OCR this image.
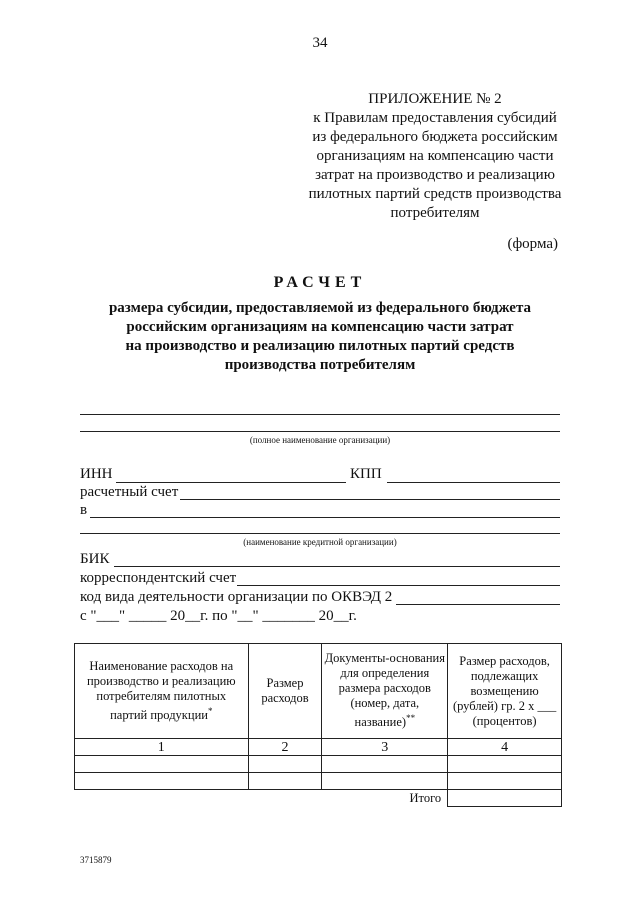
34
ПРИЛОЖЕНИЕ № 2
к Правилам предоставления субсидий
из федерального бюджета российским
организациям на компенсацию части
затрат на производство и реализацию
пилотных партий средств производства
потребителям
(форма)
РАСЧЕТ
размера субсидии, предоставляемой из федерального бюджета
российским организациям на компенсацию части затрат
на производство и реализацию пилотных партий средств
производства потребителям
(полное наименование организации)
ИНН	КПП
расчетный счет
в
(наименование кредитной организации)
БИК
корреспондентский счет
код вида деятельности организации по ОКВЭД 2
с "___" _____ 20__г. по "__" _______ 20__г.
Наименование расходов на производство и реализацию потребителям пилотных партий продукции*	Размер расходов	Документы-основания для определения размера расходов (номер, дата, название)**	Размер расходов, подлежащих возмещению (рублей) гр. 2 х ___ (процентов)
1	2	3	4

Итого			
3715879
